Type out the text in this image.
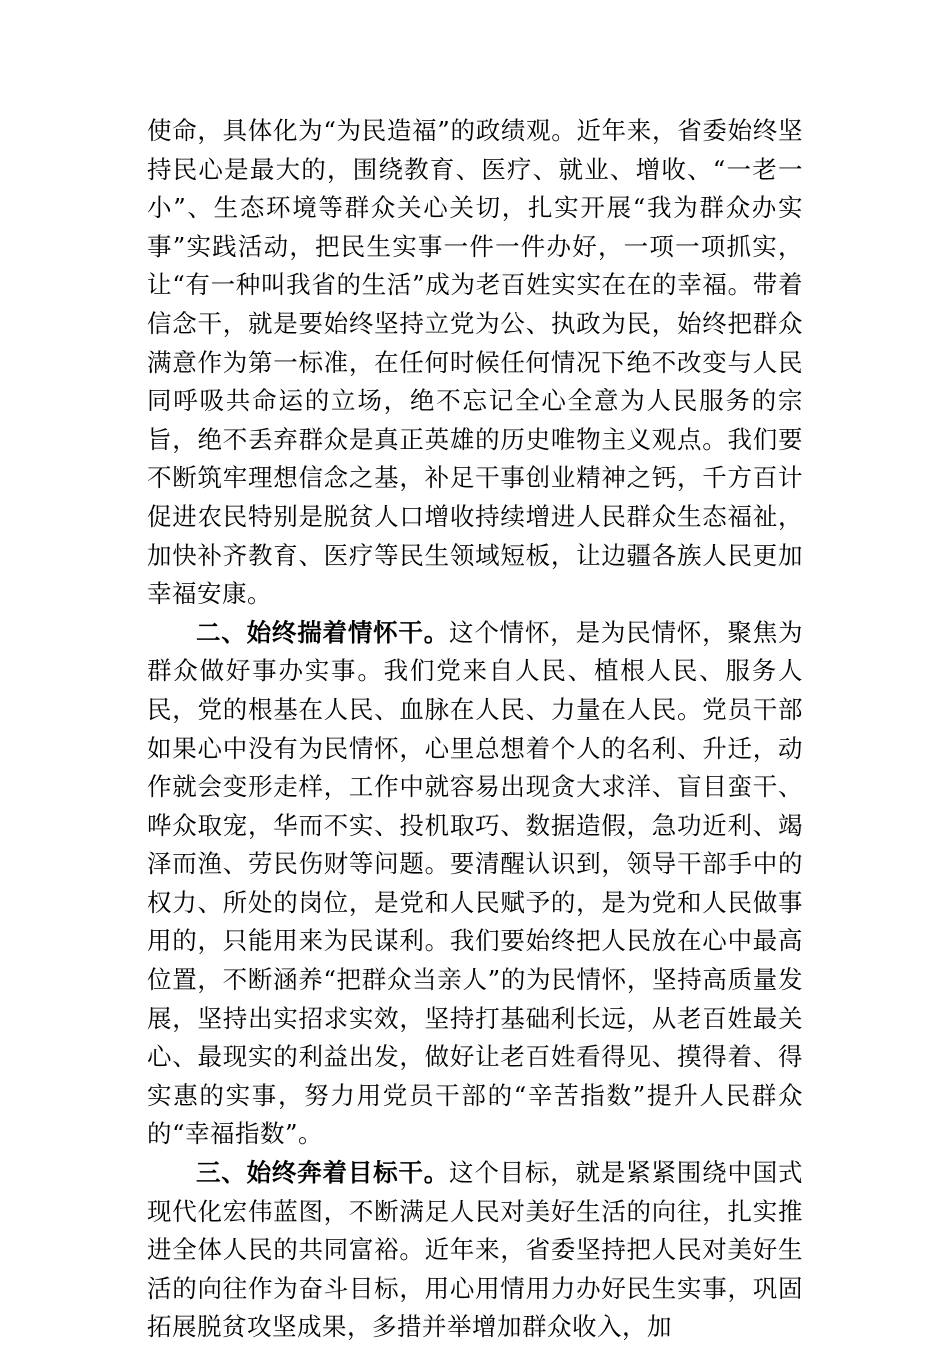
使命，具体化为“为民造福”的政绩观。近年来，省委始终坚持民心是最大的，围绕教育、医疗、就业、增收、“一老一小”、生态环境等群众关心关切，扎实开展“我为群众办实事”实践活动，把民生实事一件一件办好，一项一项抓实，让“有一种叫我省的生活”成为老百姓实实在在的幸福。带着信念干，就是要始终坚持立党为公、执政为民，始终把群众满意作为第一标准，在任何时候任何情况下绝不改变与人民同呼吸共命运的立场，绝不忘记全心全意为人民服务的宗旨，绝不丢弃群众是真正英雄的历史唯物主义观点。我们要不断筑牢理想信念之基，补足干事创业精神之钙，千方百计促进农民特别是脱贫人口增收持续增进人民群众生态福祉，加快补齐教育、医疗等民生领域短板，让边疆各族人民更加幸福安康。

二、始终揣着情怀干。这个情怀，是为民情怀，聚焦为群众做好事办实事。我们党来自人民、植根人民、服务人民，党的根基在人民、血脉在人民、力量在人民。党员干部如果心中没有为民情怀，心里总想着个人的名利、升迁，动作就会变形走样，工作中就容易出现贪大求洋、盲目蛮干、哗众取宠，华而不实、投机取巧、数据造假，急功近利、竭泽而渔、劳民伤财等问题。要清醒认识到，领导干部手中的权力、所处的岗位，是党和人民赋予的，是为党和人民做事用的，只能用来为民谋利。我们要始终把人民放在心中最高位置，不断涵养“把群众当亲人”的为民情怀，坚持高质量发展，坚持出实招求实效，坚持打基础利长远，从老百姓最关心、最现实的利益出发，做好让老百姓看得见、摸得着、得实惠的实事，努力用党员干部的“辛苦指数”提升人民群众的“幸福指数”。

三、始终奔着目标干。这个目标，就是紧紧围绕中国式现代化宏伟蓝图，不断满足人民对美好生活的向往，扎实推进全体人民的共同富裕。近年来，省委坚持把人民对美好生活的向往作为奋斗目标，用心用情用力办好民生实事，巩固拓展脱贫攻坚成果，多措并举增加群众收入，加
